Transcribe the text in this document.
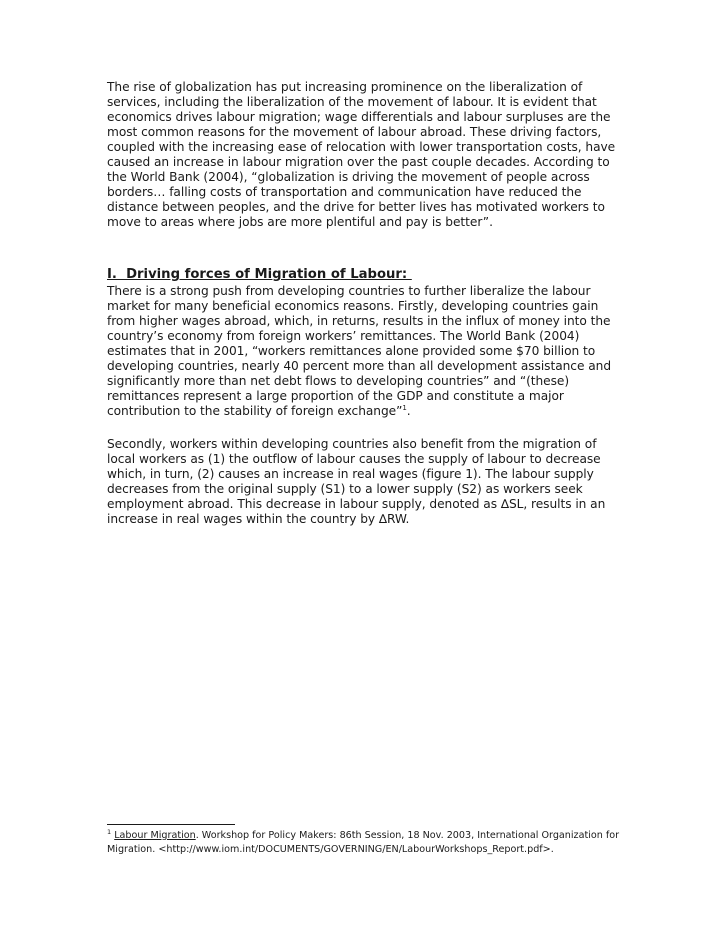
The rise of globalization has put increasing prominence on the liberalization of services, including the liberalization of the movement of labour. It is evident that economics drives labour migration; wage differentials and labour surpluses are the most common reasons for the movement of labour abroad. These driving factors, coupled with the increasing ease of relocation with lower transportation costs, have caused an increase in labour migration over the past couple decades. According to the World Bank (2004), “globalization is driving the movement of people across borders… falling costs of transportation and communication have reduced the distance between peoples, and the drive for better lives has motivated workers to move to areas where jobs are more plentiful and pay is better”.

I.  Driving forces of Migration of Labour:

There is a strong push from developing countries to further liberalize the labour market for many beneficial economics reasons. Firstly, developing countries gain from higher wages abroad, which, in returns, results in the influx of money into the country’s economy from foreign workers’ remittances. The World Bank (2004) estimates that in 2001, “workers remittances alone provided some $70 billion to developing countries, nearly 40 percent more than all development assistance and significantly more than net debt flows to developing countries” and “(these) remittances represent a large proportion of the GDP and constitute a major contribution to the stability of foreign exchange”$^1$.

Secondly, workers within developing countries also benefit from the migration of local workers as (1) the outflow of labour causes the supply of labour to decrease which, in turn, (2) causes an increase in real wages (figure 1). The labour supply decreases from the original supply (S1) to a lower supply (S2) as workers seek employment abroad. This decrease in labour supply, denoted as ∆SL, results in an increase in real wages within the country by ∆RW.

$^1$ Labour Migration. Workshop for Policy Makers: 86th Session, 18 Nov. 2003, International Organization for Migration. <http://www.iom.int/DOCUMENTS/GOVERNING/EN/LabourWorkshops_Report.pdf>.
